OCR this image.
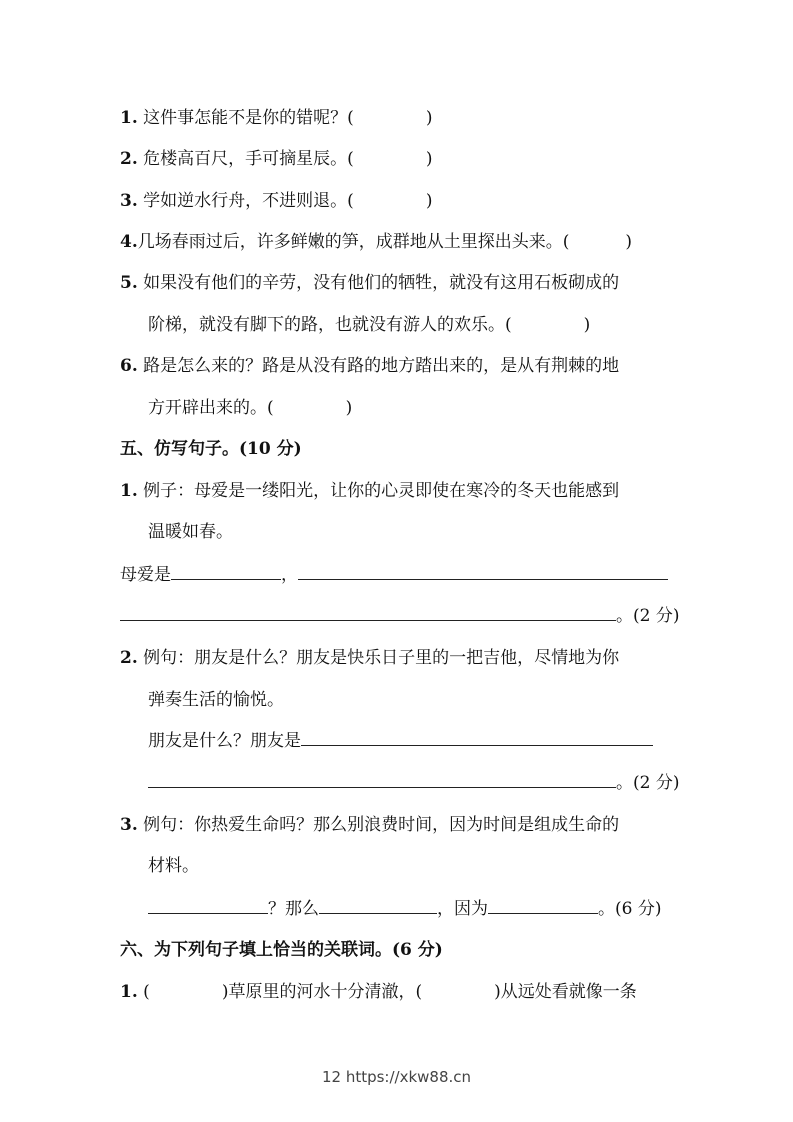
1. 这件事怎能不是你的错呢？(	)
2. 危楼高百尺，手可摘星辰。(	)
3. 学如逆水行舟，不进则退。(	)
4.几场春雨过后，许多鲜嫩的笋，成群地从土里探出头来。(	)
5. 如果没有他们的辛劳，没有他们的牺牲，就没有这用石板砌成的
阶梯，就没有脚下的路，也就没有游人的欢乐。(	)
6. 路是怎么来的？路是从没有路的地方踏出来的，是从有荆棘的地
方开辟出来的。(	)
五、仿写句子。(10 分)
1. 例子：母爱是一缕阳光，让你的心灵即使在寒冷的冬天也能感到
温暖如春。
母爱是	，
。(2 分)
2. 例句：朋友是什么？朋友是快乐日子里的一把吉他，尽情地为你
弹奏生活的愉悦。
朋友是什么？朋友是
。(2 分)
3. 例句：你热爱生命吗？那么别浪费时间，因为时间是组成生命的
材料。
？那么	，因为	。(6 分)
六、为下列句子填上恰当的关联词。(6 分)
1. (	)草原里的河水十分清澈，(	)从远处看就像一条
12 https://xkw88.cn
